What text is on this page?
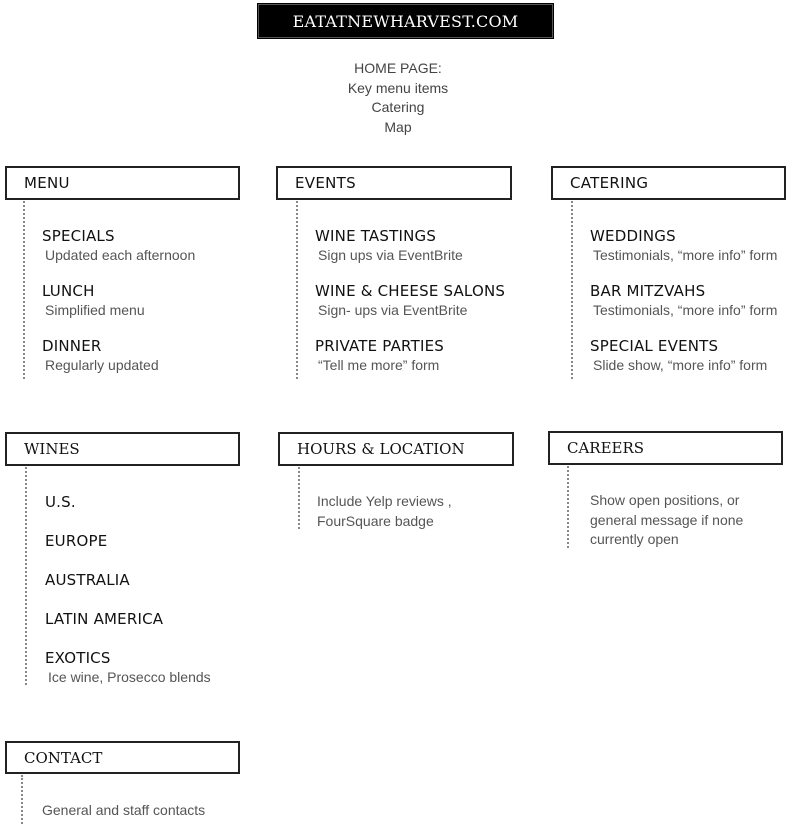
EATATNEWHARVEST.COM
HOME PAGE:
Key menu items
Catering
Map
MENU
SPECIALS
Updated each afternoon
LUNCH
Simplified menu
DINNER
Regularly updated
EVENTS
WINE TASTINGS
Sign ups via EventBrite
WINE & CHEESE SALONS
Sign- ups via EventBrite
PRIVATE PARTIES
“Tell me more” form
CATERING
WEDDINGS
Testimonials, “more info” form
BAR MITZVAHS
Testimonials, “more info” form
SPECIAL EVENTS
Slide show, “more info” form
WINES
U.S.
EUROPE
AUSTRALIA
LATIN AMERICA
EXOTICS
Ice wine, Prosecco blends
HOURS & LOCATION
Include Yelp reviews ,
FourSquare badge
CAREERS
Show open positions, or
general message if none
currently open
CONTACT
General and staff contacts
